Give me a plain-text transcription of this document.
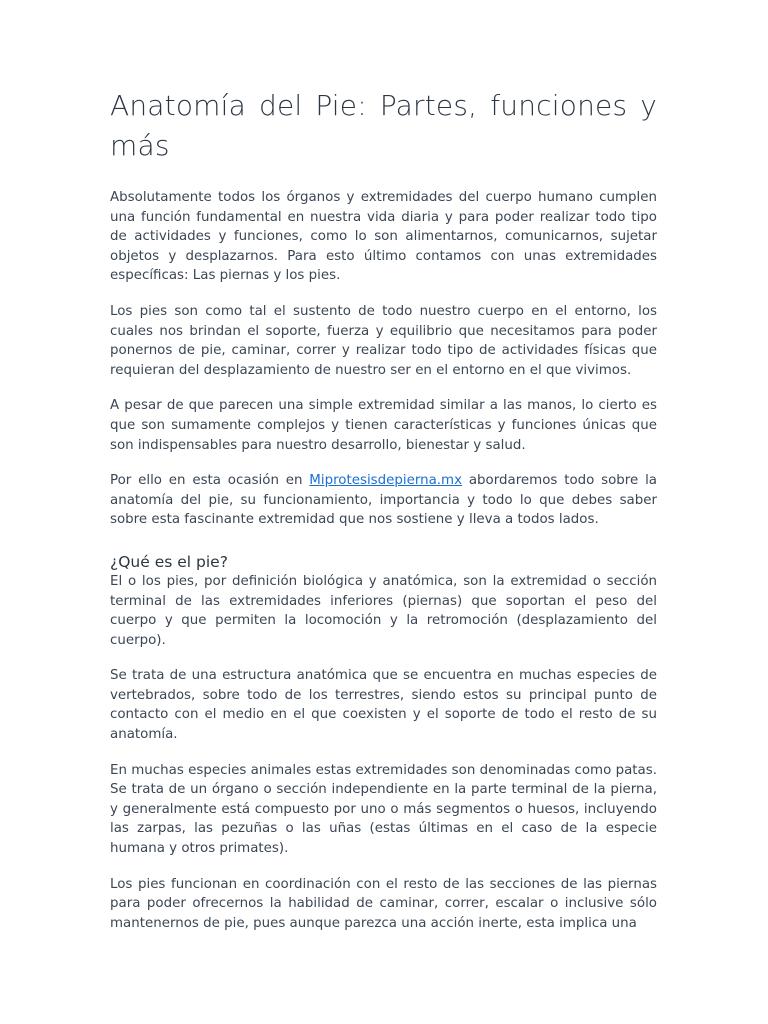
Anatomía del Pie: Partes, funciones y más

Absolutamente todos los órganos y extremidades del cuerpo humano cumplen una función fundamental en nuestra vida diaria y para poder realizar todo tipo de actividades y funciones, como lo son alimentarnos, comunicarnos, sujetar objetos y desplazarnos. Para esto último contamos con unas extremidades específicas: Las piernas y los pies.

Los pies son como tal el sustento de todo nuestro cuerpo en el entorno, los cuales nos brindan el soporte, fuerza y equilibrio que necesitamos para poder ponernos de pie, caminar, correr y realizar todo tipo de actividades físicas que requieran del desplazamiento de nuestro ser en el entorno en el que vivimos.

A pesar de que parecen una simple extremidad similar a las manos, lo cierto es que son sumamente complejos y tienen características y funciones únicas que son indispensables para nuestro desarrollo, bienestar y salud.

Por ello en esta ocasión en Miprotesisdepierna.mx abordaremos todo sobre la anatomía del pie, su funcionamiento, importancia y todo lo que debes saber sobre esta fascinante extremidad que nos sostiene y lleva a todos lados.

¿Qué es el pie?

El o los pies, por definición biológica y anatómica, son la extremidad o sección terminal de las extremidades inferiores (piernas) que soportan el peso del cuerpo y que permiten la locomoción y la retromoción (desplazamiento del cuerpo).

Se trata de una estructura anatómica que se encuentra en muchas especies de vertebrados, sobre todo de los terrestres, siendo estos su principal punto de contacto con el medio en el que coexisten y el soporte de todo el resto de su anatomía.

En muchas especies animales estas extremidades son denominadas como patas. Se trata de un órgano o sección independiente en la parte terminal de la pierna, y generalmente está compuesto por uno o más segmentos o huesos, incluyendo las zarpas, las pezuñas o las uñas (estas últimas en el caso de la especie humana y otros primates).

Los pies funcionan en coordinación con el resto de las secciones de las piernas para poder ofrecernos la habilidad de caminar, correr, escalar o inclusive sólo mantenernos de pie, pues aunque parezca una acción inerte, esta implica una
